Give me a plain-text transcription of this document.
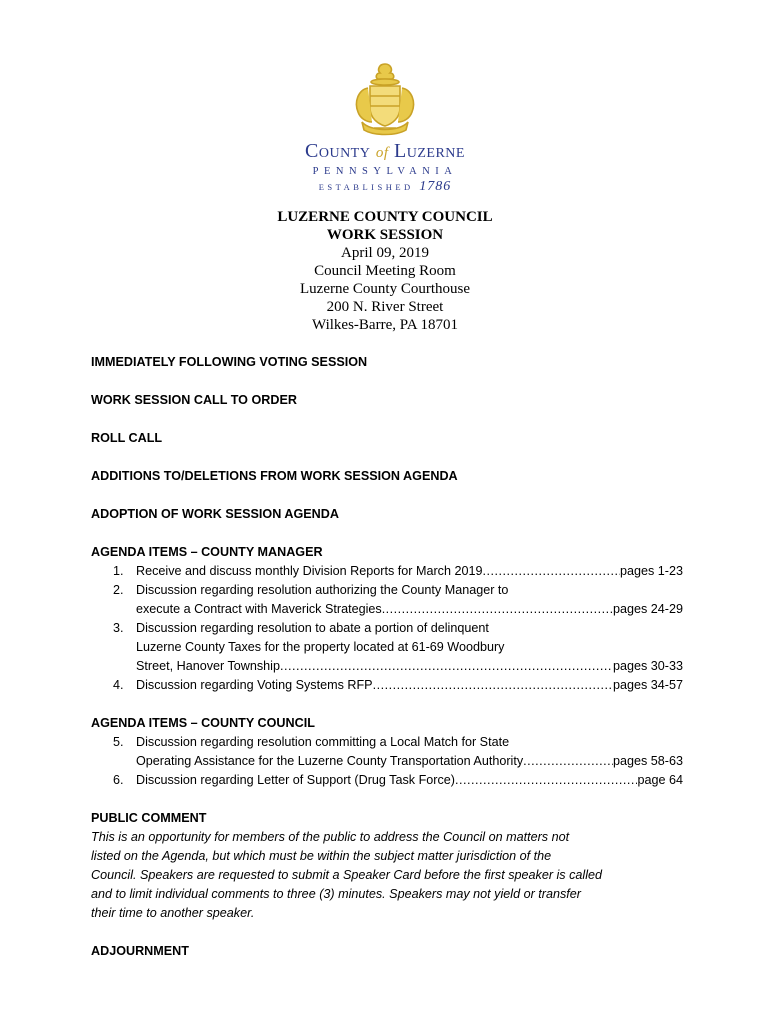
County of Luzerne
PENNSYLVANIA
ESTABLISHED 1786
LUZERNE COUNTY COUNCIL
WORK SESSION
April 09, 2019
Council Meeting Room
Luzerne County Courthouse
200 N. River Street
Wilkes-Barre, PA 18701
IMMEDIATELY FOLLOWING VOTING SESSION
WORK SESSION CALL TO ORDER
ROLL CALL
ADDITIONS TO/DELETIONS FROM WORK SESSION AGENDA
ADOPTION OF WORK SESSION AGENDA
AGENDA ITEMS – COUNTY MANAGER
1. Receive and discuss monthly Division Reports for March 2019 .....	pages 1-23
2. Discussion regarding resolution authorizing the County Manager to
execute a Contract with Maverick Strategies .....	pages 24-29
3. Discussion regarding resolution to abate a portion of delinquent
Luzerne County Taxes for the property located at 61-69 Woodbury
Street, Hanover Township .....	pages 30-33
4. Discussion regarding Voting Systems RFP .....	pages 34-57
AGENDA ITEMS – COUNTY COUNCIL
5. Discussion regarding resolution committing a Local Match for State
Operating Assistance for the Luzerne County Transportation Authority .....	pages 58-63
6. Discussion regarding Letter of Support (Drug Task Force) .....	page 64
PUBLIC COMMENT
This is an opportunity for members of the public to address the Council on matters not
listed on the Agenda, but which must be within the subject matter jurisdiction of the
Council. Speakers are requested to submit a Speaker Card before the first speaker is called
and to limit individual comments to three (3) minutes. Speakers may not yield or transfer
their time to another speaker.
ADJOURNMENT
